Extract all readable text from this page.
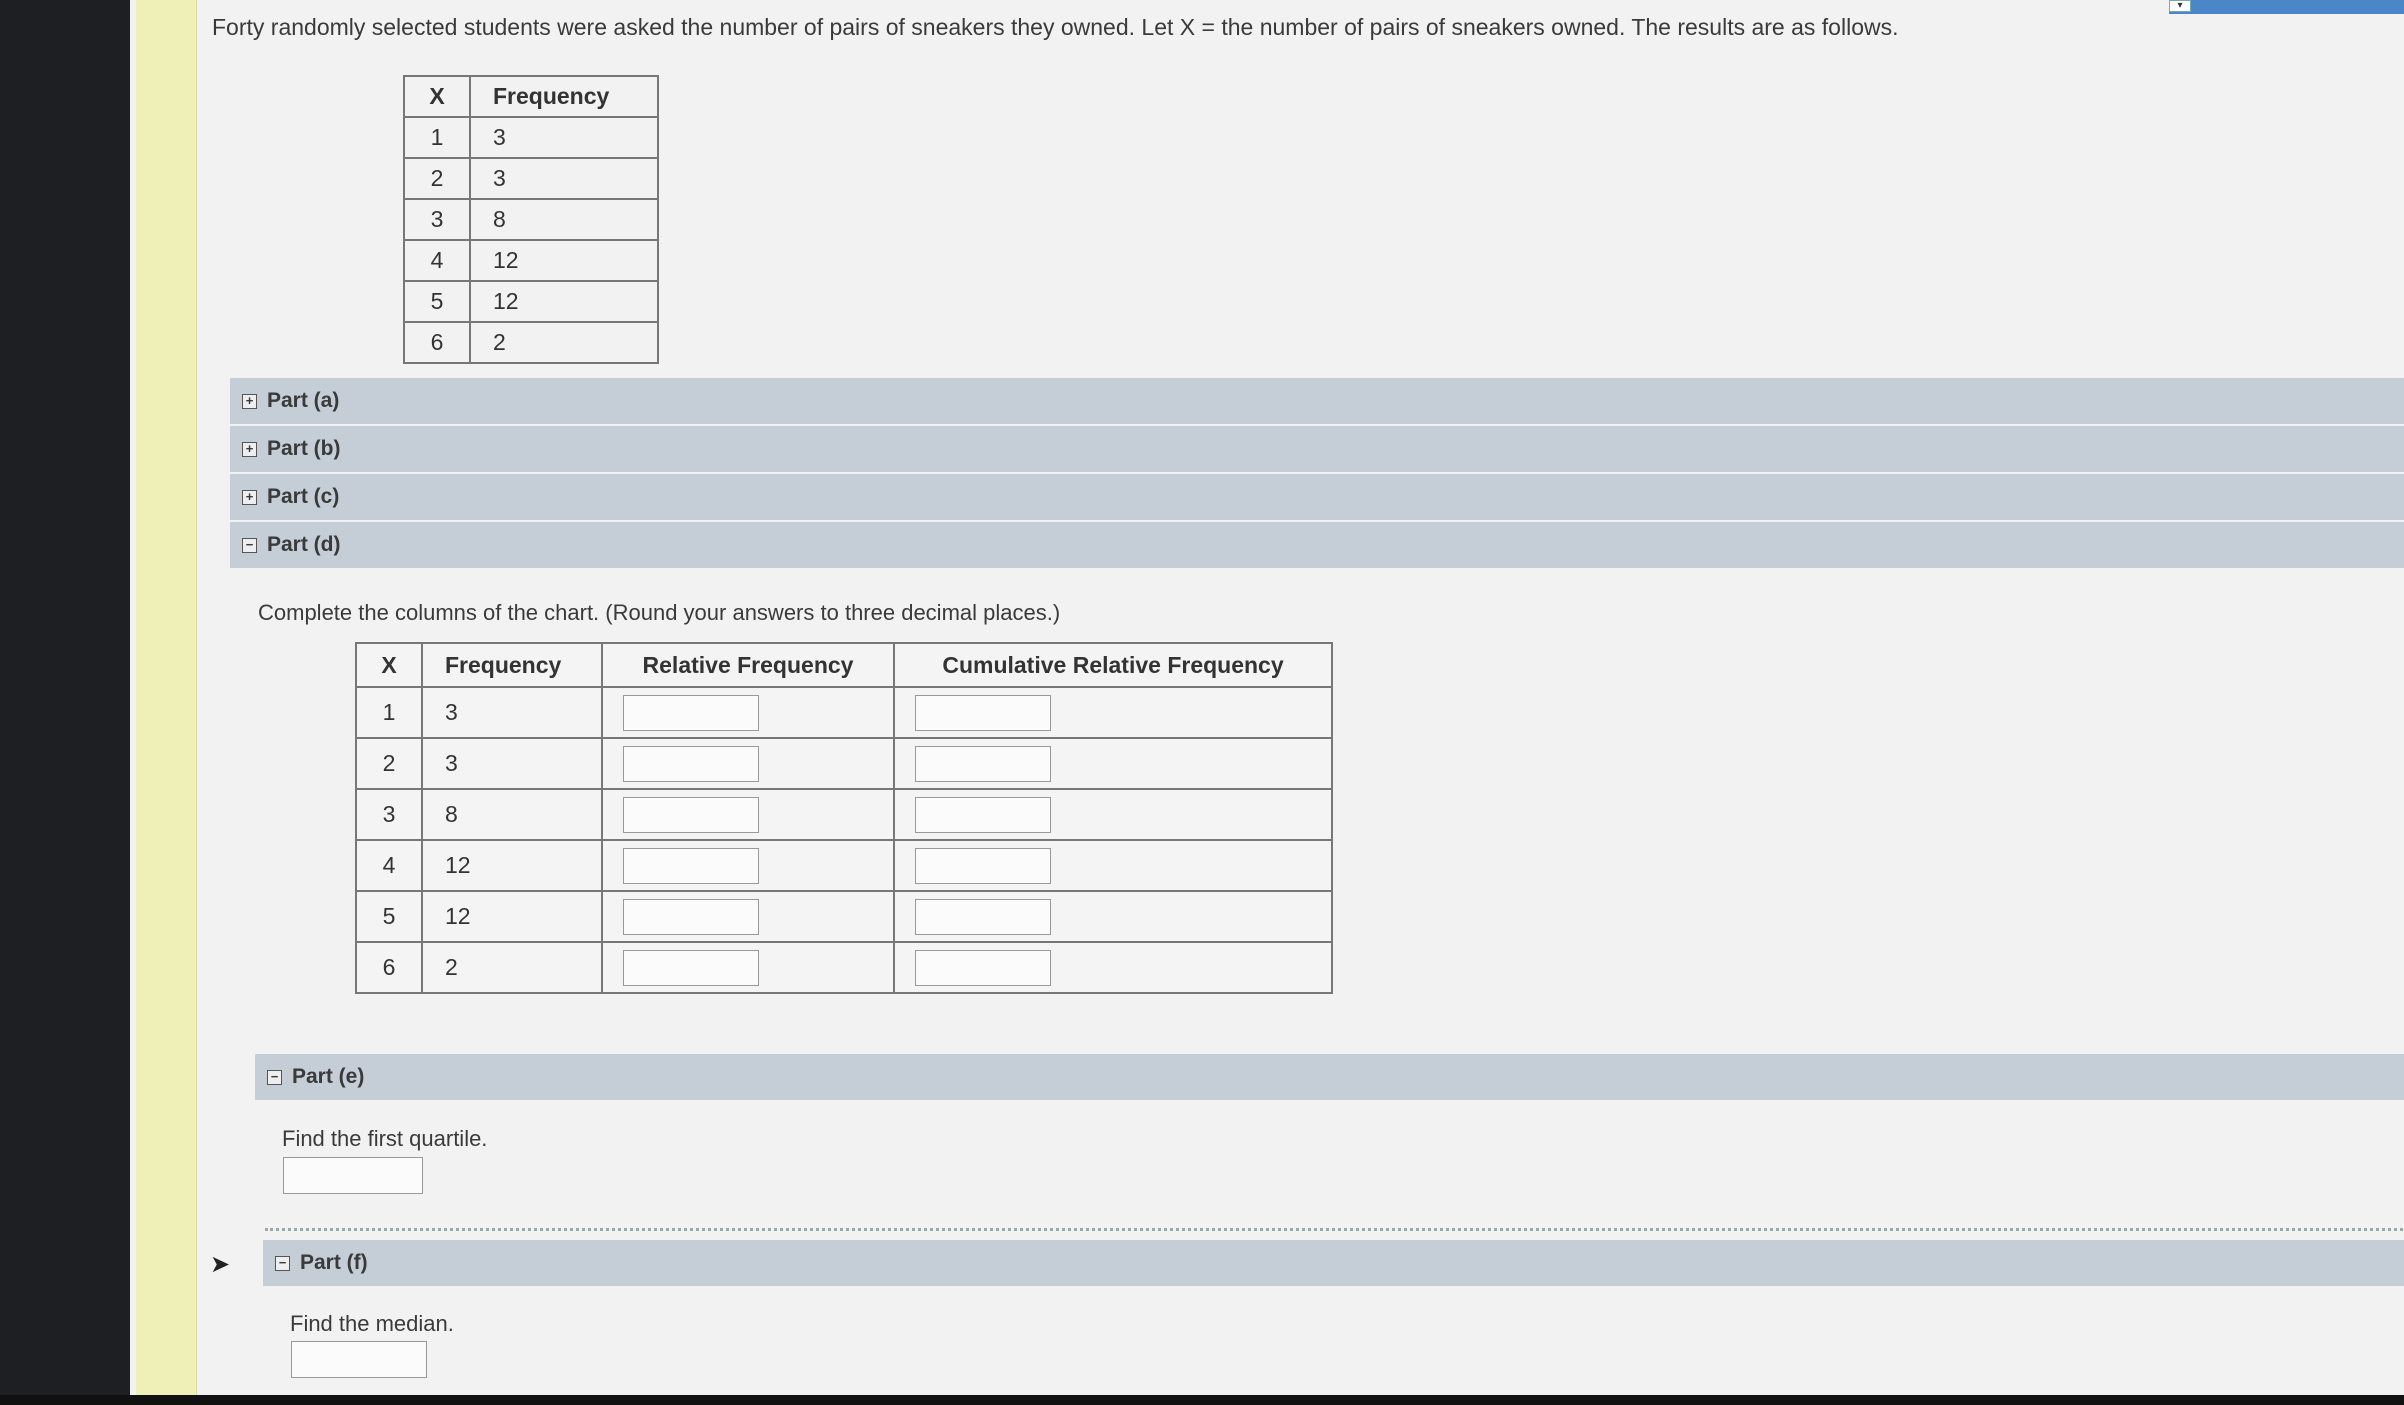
▾
Forty randomly selected students were asked the number of pairs of sneakers they owned. Let X = the number of pairs of sneakers owned. The results are as follows.
X	Frequency
1	3
2	3
3	8
4	12
5	12
6	2
+ Part (a)
+ Part (b)
+ Part (c)
− Part (d)
Complete the columns of the chart. (Round your answers to three decimal places.)
X	Frequency	Relative Frequency	Cumulative Relative Frequency
1	3	

2	3	

3	8	

4	12	

5	12	

6	2	

− Part (e)
Find the first quartile.
− Part (f)
Find the median.
➤
